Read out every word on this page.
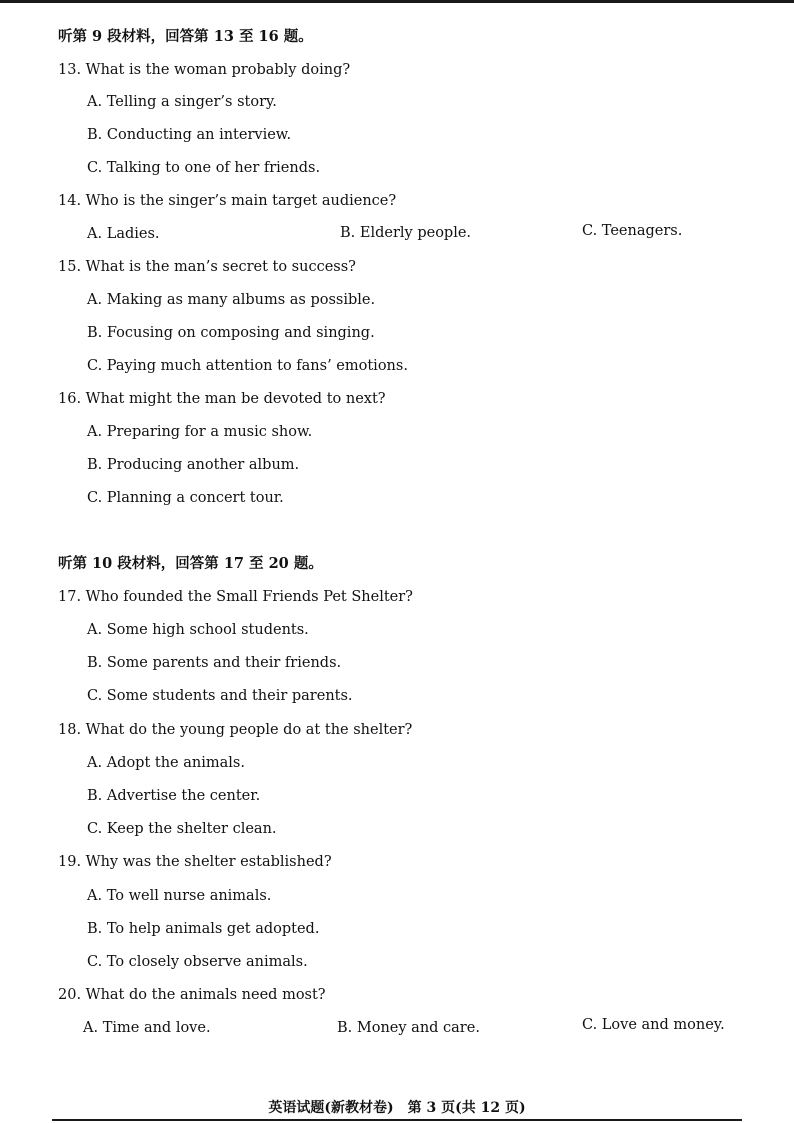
听第 9 段材料，回答第 13 至 16 题。
13. What is the woman probably doing?
A. Telling a singer’s story.
B. Conducting an interview.
C. Talking to one of her friends.
14. Who is the singer’s main target audience?
A. Ladies.	B. Elderly people.	C. Teenagers.
15. What is the man’s secret to success?
A. Making as many albums as possible.
B. Focusing on composing and singing.
C. Paying much attention to fans’ emotions.
16. What might the man be devoted to next?
A. Preparing for a music show.
B. Producing another album.
C. Planning a concert tour.
听第 10 段材料，回答第 17 至 20 题。
17. Who founded the Small Friends Pet Shelter?
A. Some high school students.
B. Some parents and their friends.
C. Some students and their parents.
18. What do the young people do at the shelter?
A. Adopt the animals.
B. Advertise the center.
C. Keep the shelter clean.
19. Why was the shelter established?
A. To well nurse animals.
B. To help animals get adopted.
C. To closely observe animals.
20. What do the animals need most?
A. Time and love.	B. Money and care.	C. Love and money.
英语试题(新教材卷)　第 3 页(共 12 页)
